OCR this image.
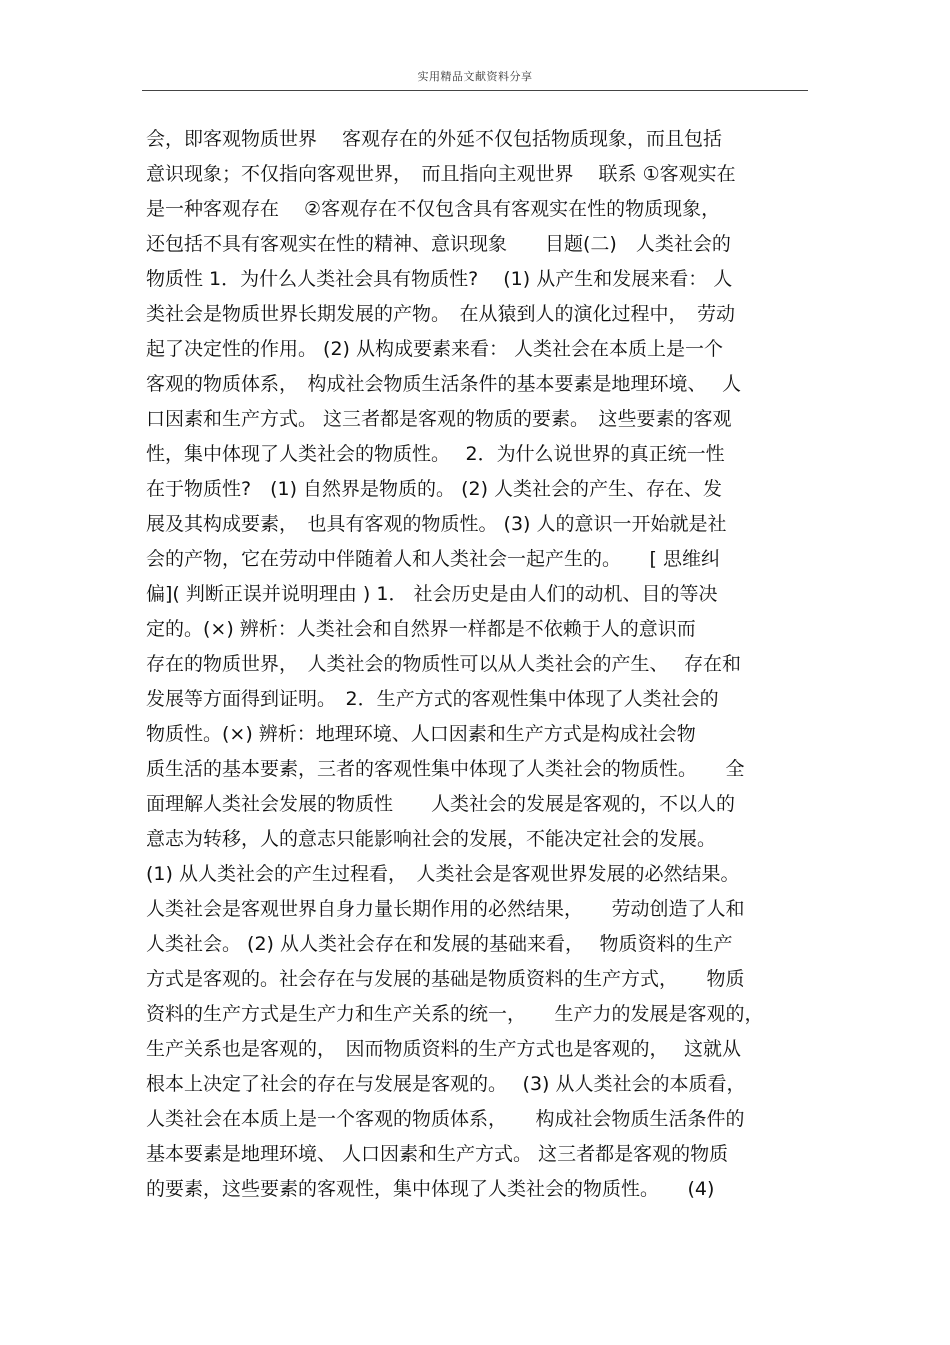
实用精品文献资料分享
会，即客观物质世界　 客观存在的外延不仅包括物质现象，而且包括
意识现象；不仅指向客观世界，　而且指向主观世界　 联系 ①客观实在
是一种客观存在　 ②客观存在不仅包含具有客观实在性的物质现象，
还包括不具有客观实在性的精神、意识现象　　目题(二)　人类社会的
物质性 1．为什么人类社会具有物质性?　 (1) 从产生和发展来看： 人
类社会是物质世界长期发展的产物。　在从猿到人的演化过程中，　劳动
起了决定性的作用。 (2) 从构成要素来看： 人类社会在本质上是一个
客观的物质体系，　构成社会物质生活条件的基本要素是地理环境、　 人
口因素和生产方式。 这三者都是客观的物质的要素。　这些要素的客观
性，集中体现了人类社会的物质性。　 2．为什么说世界的真正统一性
在于物质性?　(1) 自然界是物质的。 (2) 人类社会的产生、存在、发
展及其构成要素，　也具有客观的物质性。 (3) 人的意识一开始就是社
会的产物，它在劳动中伴随着人和人类社会一起产生的。　　[ 思维纠
偏]( 判断正误并说明理由 ) 1． 社会历史是由人们的动机、目的等决
定的。(×) 辨析：人类社会和自然界一样都是不依赖于人的意识而
存在的物质世界，　人类社会的物质性可以从人类社会的产生、　 存在和
发展等方面得到证明。　2．生产方式的客观性集中体现了人类社会的
物质性。(×) 辨析：地理环境、人口因素和生产方式是构成社会物
质生活的基本要素，三者的客观性集中体现了人类社会的物质性。　　全
面理解人类社会发展的物质性　　人类社会的发展是客观的，不以人的
意志为转移，人的意志只能影响社会的发展，不能决定社会的发展。
(1) 从人类社会的产生过程看，　人类社会是客观世界发展的必然结果。
人类社会是客观世界自身力量长期作用的必然结果，　　劳动创造了人和
人类社会。 (2) 从人类社会存在和发展的基础来看，　 物质资料的生产
方式是客观的。社会存在与发展的基础是物质资料的生产方式，　　物质
资料的生产方式是生产力和生产关系的统一，　　生产力的发展是客观的，
生产关系也是客观的，　因而物质资料的生产方式也是客观的，　 这就从
根本上决定了社会的存在与发展是客观的。　 (3) 从人类社会的本质看，
人类社会在本质上是一个客观的物质体系，　　构成社会物质生活条件的
基本要素是地理环境、 人口因素和生产方式。 这三者都是客观的物质
的要素，这些要素的客观性，集中体现了人类社会的物质性。　　(4)
